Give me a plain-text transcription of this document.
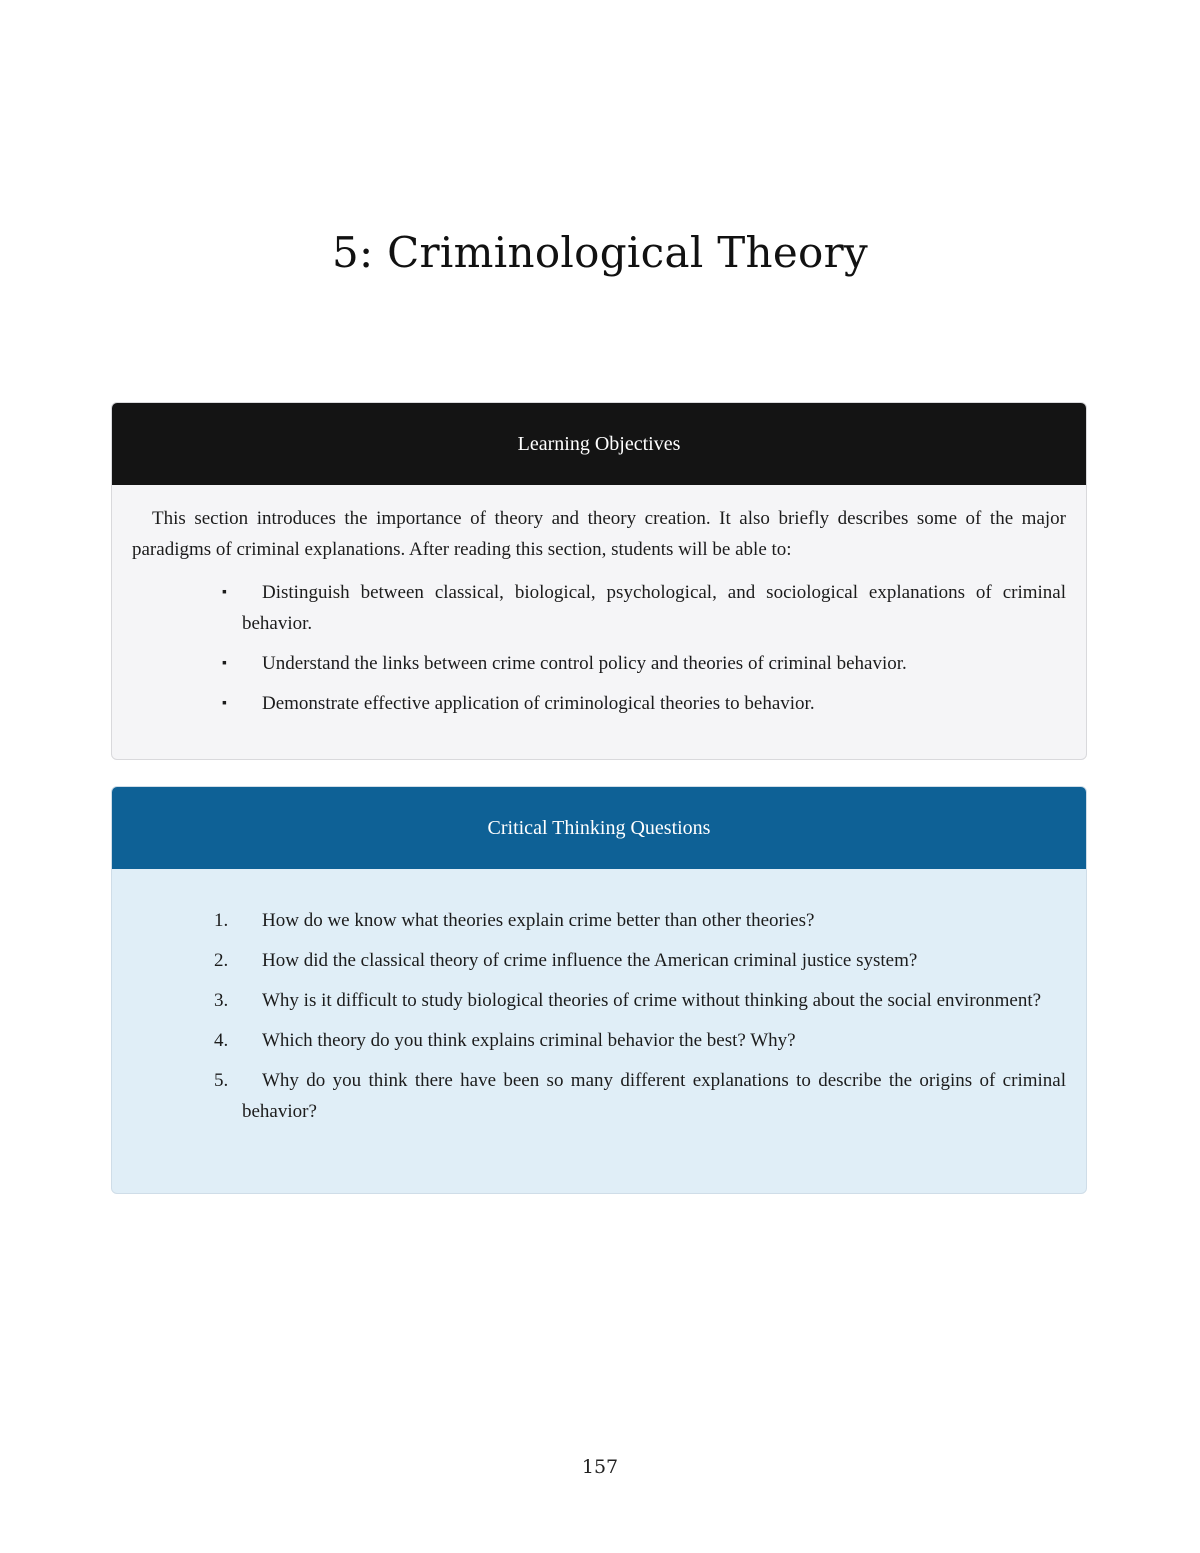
5: Criminological Theory
Learning Objectives

This section introduces the importance of theory and theory creation. It also briefly describes some of the major paradigms of criminal explanations. After reading this section, students will be able to:

▪ Distinguish between classical, biological, psychological, and sociological explanations of criminal behavior.
▪ Understand the links between crime control policy and theories of criminal behavior.
▪ Demonstrate effective application of criminological theories to behavior.
Critical Thinking Questions
1. How do we know what theories explain crime better than other theories?
2. How did the classical theory of crime influence the American criminal justice system?
3. Why is it difficult to study biological theories of crime without thinking about the social environment?
4. Which theory do you think explains criminal behavior the best? Why?
5. Why do you think there have been so many different explanations to describe the origins of criminal behavior?
157
